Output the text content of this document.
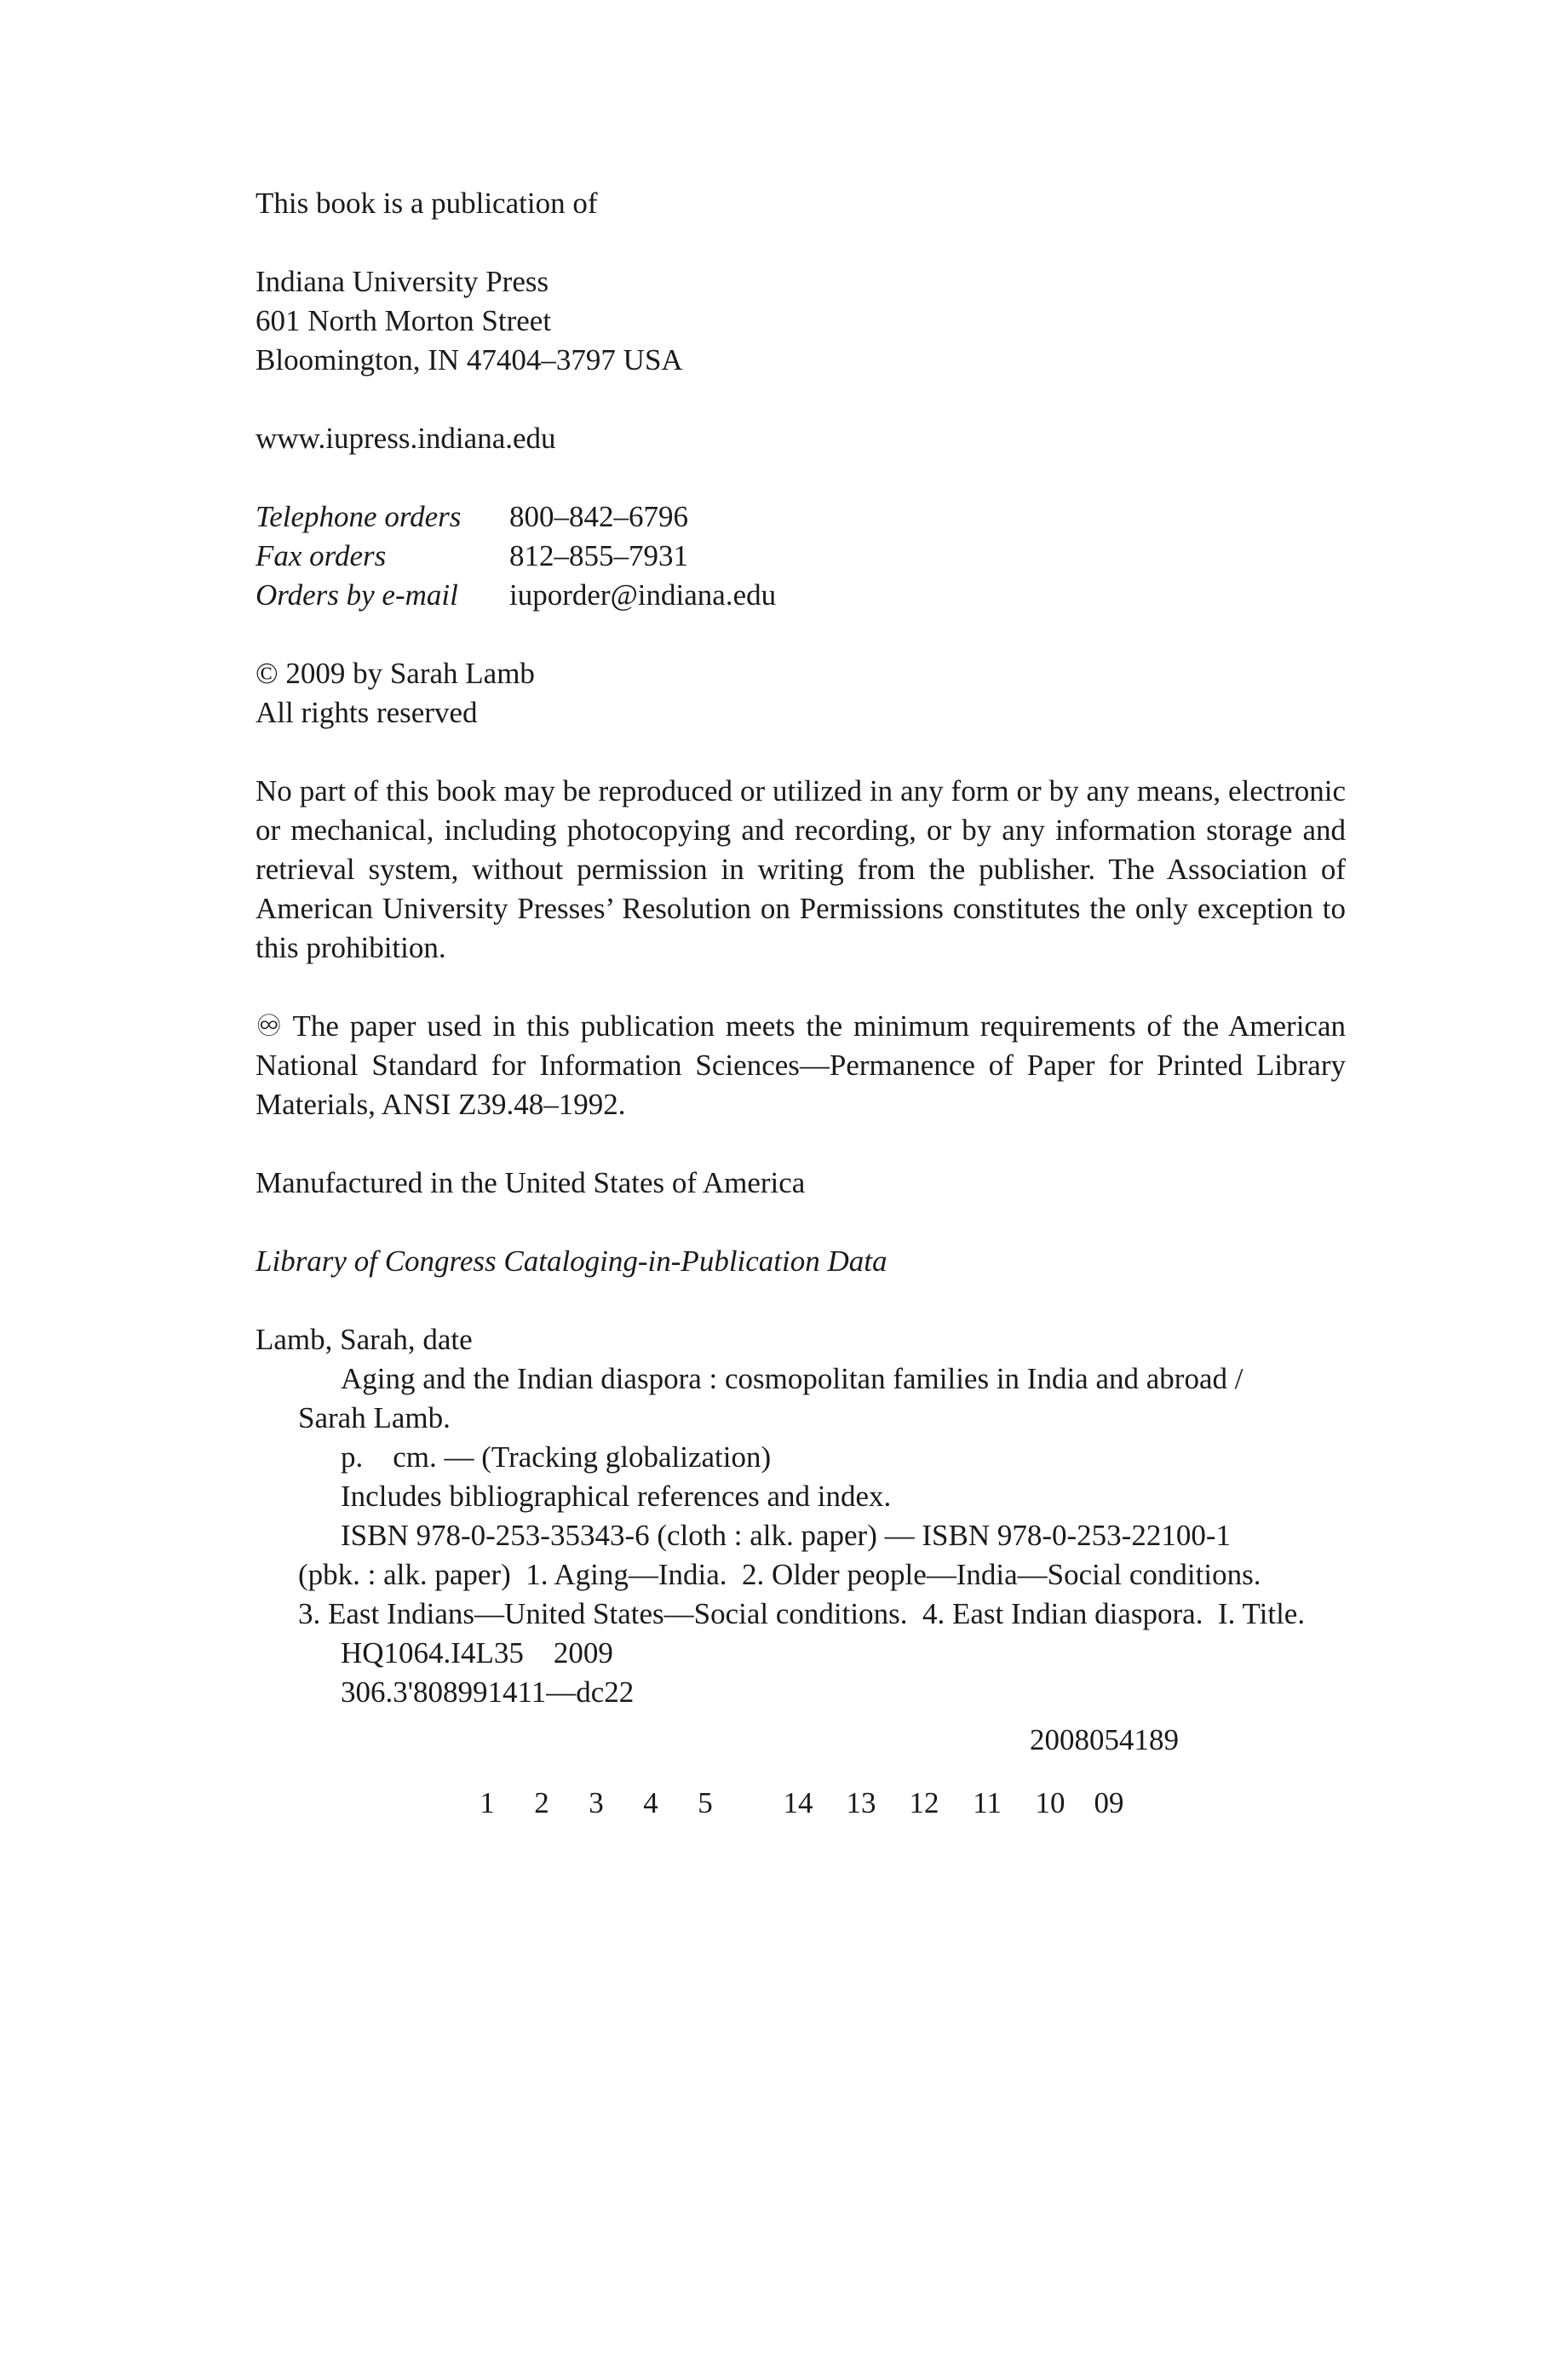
This book is a publication of
Indiana University Press
601 North Morton Street
Bloomington, IN 47404–3797 USA
www.iupress.indiana.edu
Telephone orders	800–842–6796
Fax orders	812–855–7931
Orders by e-mail	iuporder@indiana.edu
© 2009 by Sarah Lamb
All rights reserved

No part of this book may be reproduced or utilized in any form or by any means, electronic or mechanical, including photocopying and recording, or by any information storage and retrieval system, without permission in writing from the publisher. The Association of American University Presses’ Resolution on Permissions constitutes the only exception to this prohibition.

♾ The paper used in this publication meets the minimum requirements of the American National Standard for Information Sciences—Permanence of Paper for Printed Library Materials, ANSI Z39.48–1992.

Manufactured in the United States of America
Library of Congress Cataloging-in-Publication Data
Lamb, Sarah, date
Aging and the Indian diaspora : cosmopolitan families in India and abroad /
Sarah Lamb.
p.    cm. — (Tracking globalization)
Includes bibliographical references and index.
ISBN 978-0-253-35343-6 (cloth : alk. paper) — ISBN 978-0-253-22100-1
(pbk. : alk. paper)  1. Aging—India.  2. Older people—India—Social conditions.
3. East Indians—United States—Social conditions.  4. East Indian diaspora.  I. Title.
HQ1064.I4L35    2009
306.3'808991411—dc22
2008054189
1	2	3	4	5	14	13	12	11	10 09
